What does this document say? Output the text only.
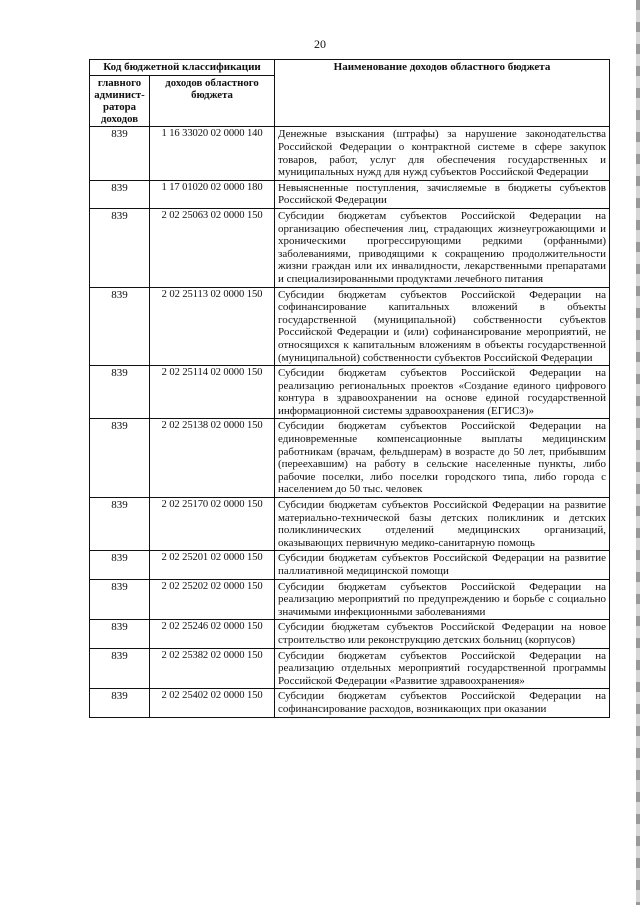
20
Код бюджетной классификации		Наименование доходов областного бюджета
главного админист-ратора доходов	доходов областного бюджета	
839	1 16 33020 02 0000 140	Денежные взыскания (штрафы) за нарушение законодательства Российской Федерации о контрактной системе в сфере закупок товаров, работ, услуг для обеспечения государственных и муниципальных нужд для нужд субъектов Российской Федерации
839	1 17 01020 02 0000 180	Невыясненные поступления, зачисляемые в бюджеты субъектов Российской Федерации
839	2 02 25063 02 0000 150	Субсидии бюджетам субъектов Российской Федерации на организацию обеспечения лиц, страдающих жизнеугрожающими и хроническими прогрессирующими редкими (орфанными) заболеваниями, приводящими к сокращению продолжительности жизни граждан или их инвалидности, лекарственными препаратами и специализированными продуктами лечебного питания
839	2 02 25113 02 0000 150	Субсидии бюджетам субъектов Российской Федерации на софинансирование капитальных вложений в объекты государственной (муниципальной) собственности субъектов Российской Федерации и (или) софинансирование мероприятий, не относящихся к капитальным вложениям в объекты государственной (муниципальной) собственности субъектов Российской Федерации
839	2 02 25114 02 0000 150	Субсидии бюджетам субъектов Российской Федерации на реализацию региональных проектов «Создание единого цифрового контура в здравоохранении на основе единой государственной информационной системы здравоохранения (ЕГИСЗ)»
839	2 02 25138 02 0000 150	Субсидии бюджетам субъектов Российской Федерации на единовременные компенсационные выплаты медицинским работникам (врачам, фельдшерам) в возрасте до 50 лет, прибывшим (переехавшим) на работу в сельские населенные пункты, либо рабочие поселки, либо поселки городского типа, либо города с населением до 50 тыс. человек
839	2 02 25170 02 0000 150	Субсидии бюджетам субъектов Российской Федерации на развитие материально-технической базы детских поликлиник и детских поликлинических отделений медицинских организаций, оказывающих первичную медико-санитарную помощь
839	2 02 25201 02 0000 150	Субсидии бюджетам субъектов Российской Федерации на развитие паллиативной медицинской помощи
839	2 02 25202 02 0000 150	Субсидии бюджетам субъектов Российской Федерации на реализацию мероприятий по предупреждению и борьбе с социально значимыми инфекционными заболеваниями
839	2 02 25246 02 0000 150	Субсидии бюджетам субъектов Российской Федерации на новое строительство или реконструкцию детских больниц (корпусов)
839	2 02 25382 02 0000 150	Субсидии бюджетам субъектов Российской Федерации на реализацию отдельных мероприятий государственной программы Российской Федерации «Развитие здравоохранения»
839	2 02 25402 02 0000 150	Субсидии бюджетам субъектов Российской Федерации на софинансирование расходов, возникающих при оказании
